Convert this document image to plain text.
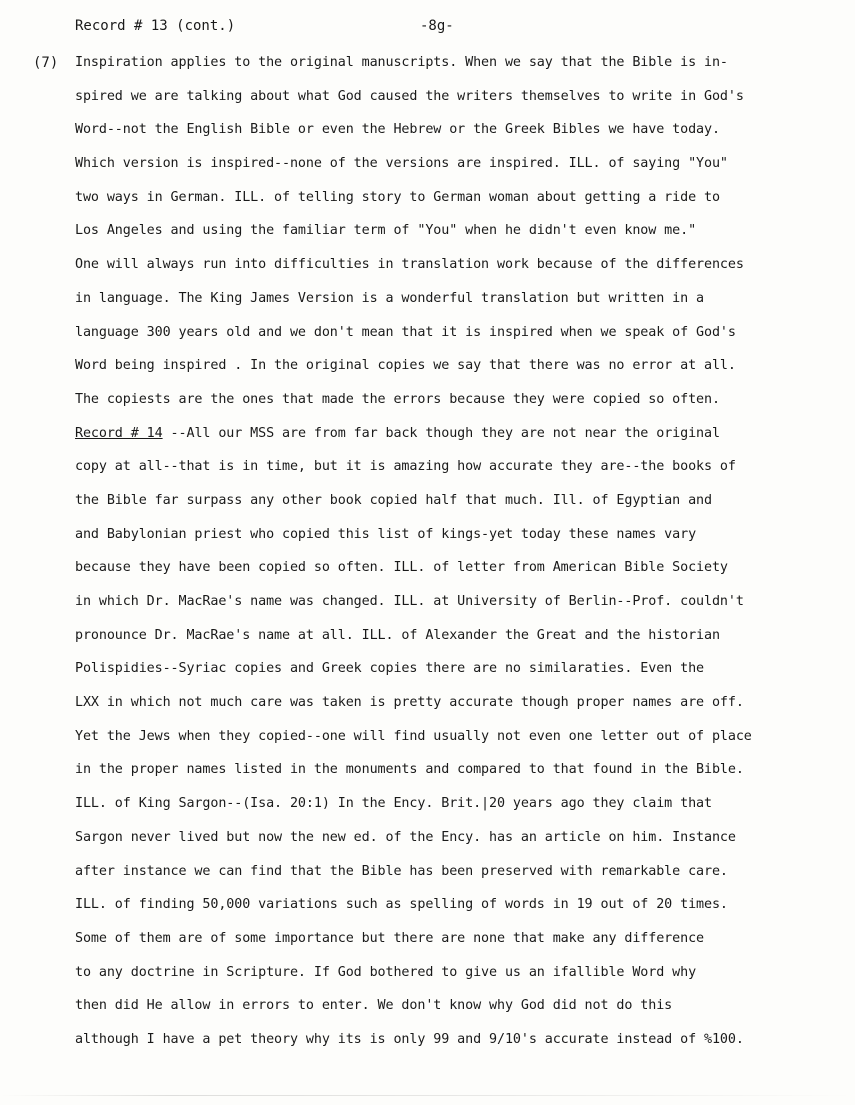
Record # 13 (cont.)	-8g-
(7) Inspiration applies to the original manuscripts. When we say that the Bible is in-
spired we are talking about what God caused the writers themselves to write in God's
Word--not the English Bible or even the Hebrew or the Greek Bibles we have today.
Which version is inspired--none of the versions are inspired. ILL. of saying "You"
two ways in German. ILL. of telling story to German woman about getting a ride to
Los Angeles and using the familiar term of "You" when he didn't even know me."
One will always run into difficulties in translation work because of the differences
in language. The King James Version is a wonderful translation but written in a
language 300 years old and we don't mean that it is inspired when we speak of God's
Word being inspired . In the original copies we say that there was no error at all.
The copiests are the ones that made the errors because they were copied so often.
Record # 14 --All our MSS are from far back though they are not near the original
copy at all--that is in time, but it is amazing how accurate they are--the books of
the Bible far surpass any other book copied half that much. Ill. of Egyptian and
and Babylonian priest who copied this list of kings-yet today these names vary
because they have been copied so often. ILL. of letter from American Bible Society
in which Dr. MacRae's name was changed. ILL. at University of Berlin--Prof. couldn't
pronounce Dr. MacRae's name at all. ILL. of Alexander the Great and the historian
Polispidies--Syriac copies and Greek copies there are no similaraties. Even the
LXX in which not much care was taken is pretty accurate though proper names are off.
Yet the Jews when they copied--one will find usually not even one letter out of place
in the proper names listed in the monuments and compared to that found in the Bible.
ILL. of King Sargon--(Isa. 20:1) In the Ency. Brit.|20 years ago they claim that
Sargon never lived but now the new ed. of the Ency. has an article on him. Instance
after instance we can find that the Bible has been preserved with remarkable care.
ILL. of finding 50,000 variations such as spelling of words in 19 out of 20 times.
Some of them are of some importance but there are none that make any difference
to any doctrine in Scripture. If God bothered to give us an ifallible Word why
then did He allow in errors to enter. We don't know why God did not do this
although I have a pet theory why its is only 99 and 9/10's accurate instead of %100.
